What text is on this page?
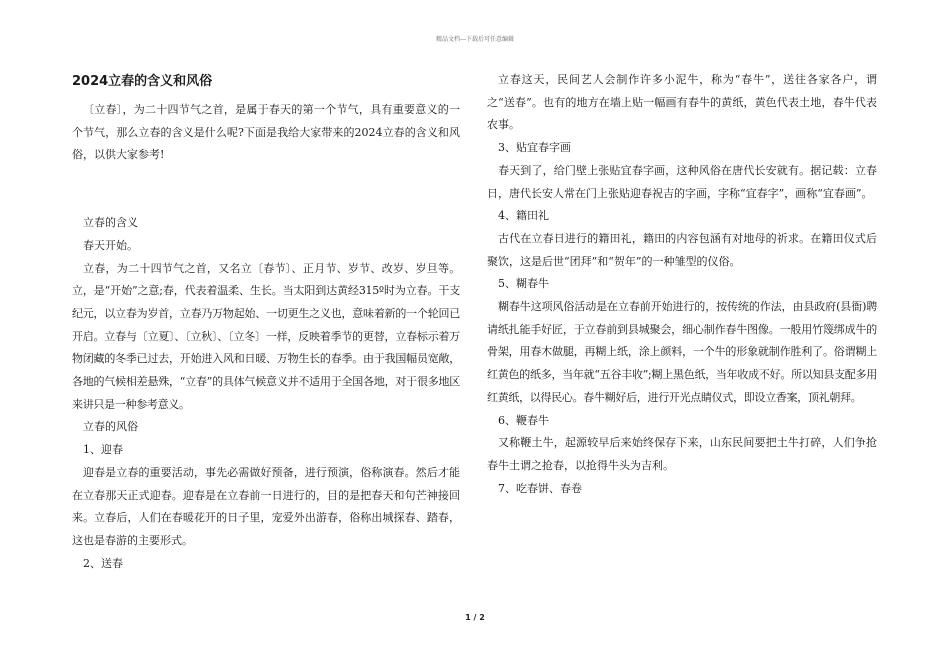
精品文档---下载后可任意编辑
2024立春的含义和风俗

〔立春〕，为二十四节气之首，是属于春天的第一个节气，具有重要意义的一个节气，那么立春的含义是什么呢?下面是我给大家带来的2024立春的含义和风俗，以供大家参考!

立春的含义

春天开始。

立春，为二十四节气之首，又名立〔春节〕、正月节、岁节、改岁、岁旦等。立，是“开始”之意;春，代表着温柔、生长。当太阳到达黄经315º时为立春。干支纪元，以立春为岁首，立春乃万物起始、一切更生之义也，意味着新的一个轮回已开启。立春与〔立夏〕、〔立秋〕、〔立冬〕一样，反映着季节的更替，立春标示着万物闭藏的冬季已过去，开始进入风和日暖、万物生长的春季。由于我国幅员宽敞，各地的气候相差悬殊，“立春”的具体气候意义并不适用于全国各地，对于很多地区来讲只是一种参考意义。

立春的风俗

1、迎春

迎春是立春的重要活动，事先必需做好预备，进行预演，俗称演春。然后才能在立春那天正式迎春。迎春是在立春前一日进行的，目的是把春天和句芒神接回来。立春后，人们在春暖花开的日子里，宠爱外出游春，俗称出城探春、踏春，这也是春游的主要形式。

2、送春

立春这天，民间艺人会制作许多小泥牛，称为“春牛”，送往各家各户，谓之“送春”。也有的地方在墙上贴一幅画有春牛的黄纸，黄色代表土地，春牛代表农事。

3、贴宜春字画

春天到了，给门壁上张贴宜春字画，这种风俗在唐代长安就有。据记载：立春日，唐代长安人常在门上张贴迎春祝吉的字画，字称“宜春字”，画称“宜春画”。

4、籍田礼

古代在立春日进行的籍田礼，籍田的内容包涵有对地母的祈求。在籍田仪式后聚饮，这是后世“团拜”和“贺年”的一种雏型的仪俗。

5、糊春牛

糊春牛这项风俗活动是在立春前开始进行的，按传统的作法，由县政府(县衙)聘请纸扎能手好匠，于立春前到县城聚会，细心制作春牛图像。一般用竹篾绑成牛的骨架，用春木做腿，再糊上纸，涂上颜料，一个牛的形象就制作胜利了。俗谓糊上红黄色的纸多，当年就“五谷丰收”;糊上黑色纸，当年收成不好。所以知县支配多用红黄纸，以得民心。春牛糊好后，进行开光点睛仪式，即设立香案，顶礼朝拜。

6、鞭春牛

又称鞭土牛，起源较早后来始终保存下来，山东民间要把土牛打碎，人们争抢春牛土谓之抢春，以抢得牛头为吉利。

7、吃春饼、春卷

1 / 2
